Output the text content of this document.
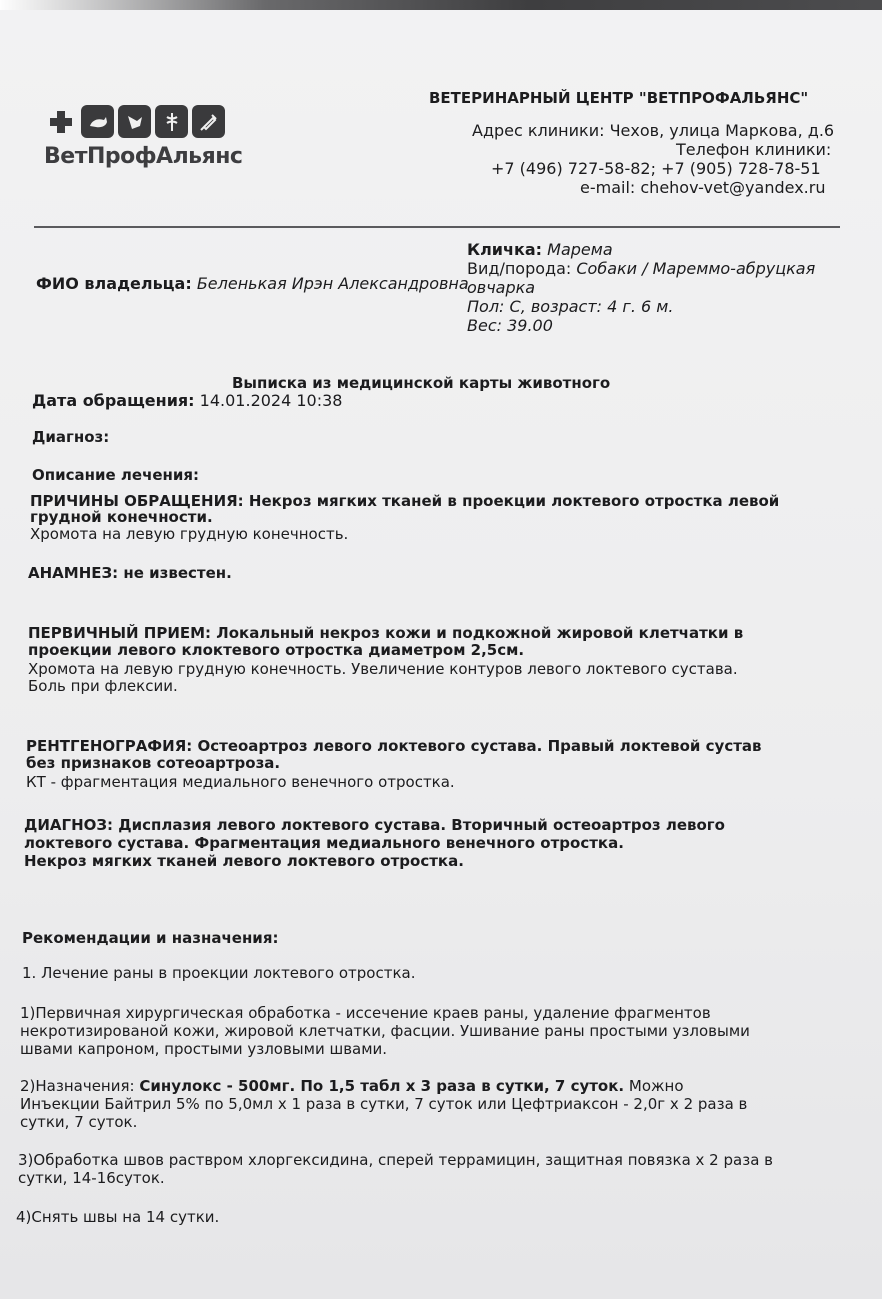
ВетПрофАльянс
ВЕТЕРИНАРНЫЙ ЦЕНТР "ВЕТПРОФАЛЬЯНС"
Адрес клиники: Чехов, улица Маркова, д.6
Телефон клиники:
+7 (496) 727-58-82; +7 (905) 728-78-51
e-mail: chehov-vet@yandex.ru
Кличка: Марема
Вид/порода: Собаки / Мареммо-абруцкая
ФИО владельца: Беленькая Ирэн Александровна
овчарка
Пол: С, возраст: 4 г. 6 м.
Вес: 39.00
Выписка из медицинской карты животного
Дата обращения: 14.01.2024 10:38
Диагноз:
Описание лечения:
ПРИЧИНЫ ОБРАЩЕНИЯ: Некроз мягких тканей в проекции локтевого отростка левой
грудной конечности.
Хромота на левую грудную конечность.
АНАМНЕЗ: не известен.
ПЕРВИЧНЫЙ ПРИЕМ: Локальный некроз кожи и подкожной жировой клетчатки в
проекции левого клоктевого отростка диаметром 2,5см.
Хромота на левую грудную конечность. Увеличение контуров левого локтевого сустава.
Боль при флексии.
РЕНТГЕНОГРАФИЯ: Остеоартроз левого локтевого сустава. Правый локтевой сустав
без признаков сотеоартроза.
КТ - фрагментация медиального венечного отростка.
ДИАГНОЗ: Дисплазия левого локтевого сустава. Вторичный остеоартроз левого
локтевого сустава. Фрагментация медиального венечного отростка.
Некроз мягких тканей левого локтевого отростка.
Рекомендации и назначения:
1. Лечение раны в проекции локтевого отростка.
1)Первичная хирургическая обработка - иссечение краев раны, удаление фрагментов
некротизированой кожи, жировой клетчатки, фасции. Ушивание раны простыми узловыми
швами капроном, простыми узловыми швами.
2)Назначения: Синулокс - 500мг. По 1,5 табл х 3 раза в сутки, 7 суток. Можно
Инъекции Байтрил 5% по 5,0мл х 1 раза в сутки, 7 суток или Цефтриаксон - 2,0г х 2 раза в
сутки, 7 суток.
3)Обработка швов раствром хлоргексидина, сперей террамицин, защитная повязка х 2 раза в
сутки, 14-16суток.
4)Снять швы на 14 сутки.
